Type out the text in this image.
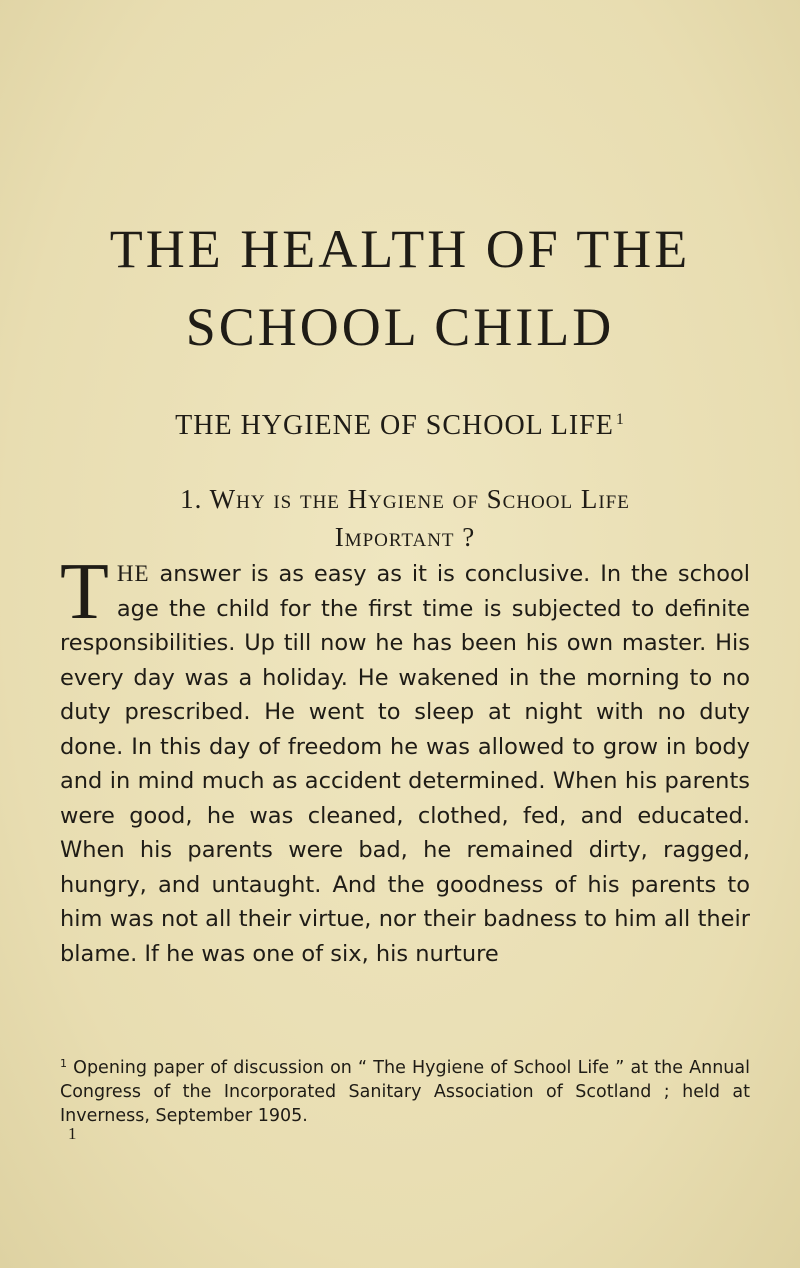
THE HEALTH OF THE
SCHOOL CHILD
THE HYGIENE OF SCHOOL LIFE $^1$
1. Why is the Hygiene of School Life
Important ?
THE answer is as easy as it is conclusive. In the school age the child for the first time is subjected to definite responsibilities. Up till now he has been his own master. His every day was a holiday. He wakened in the morning to no duty prescribed. He went to sleep at night with no duty done. In this day of freedom he was allowed to grow in body and in mind much as accident determined. When his parents were good, he was cleaned, clothed, fed, and educated. When his parents were bad, he remained dirty, ragged, hungry, and untaught. And the goodness of his parents to him was not all their virtue, nor their badness to him all their blame. If he was one of six, his nurture
$^1$ Opening paper of discussion on “ The Hygiene of School Life ” at the Annual Congress of the Incorporated Sanitary Association of Scotland ; held at Inverness, September 1905.
1
